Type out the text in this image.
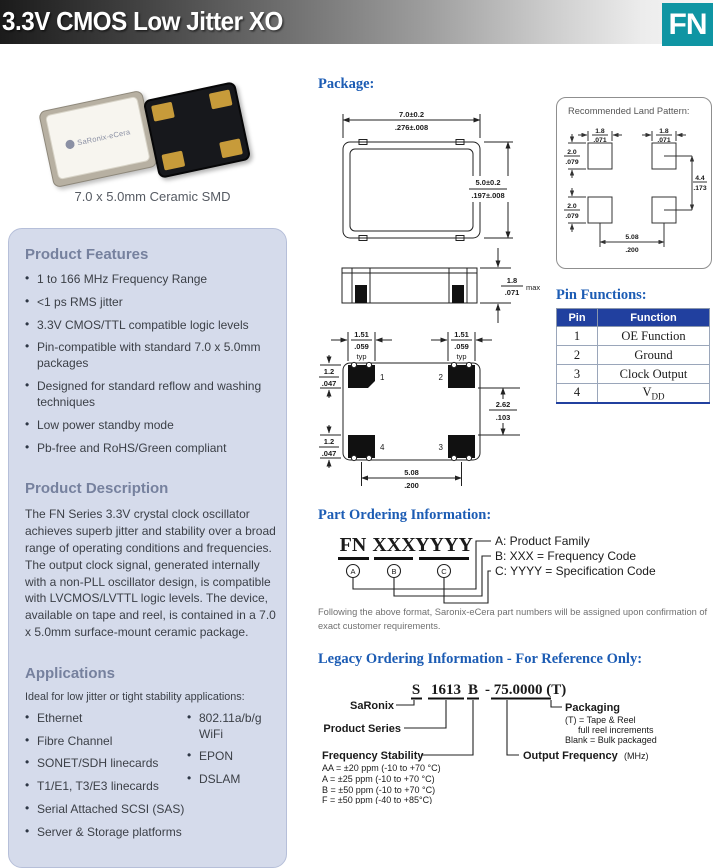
3.3V CMOS Low Jitter XO	FN
SaRonix-eCera
7.0 x 5.0mm Ceramic SMD
Product Features
• 1 to 166 MHz Frequency Range
• <1 ps RMS jitter
• 3.3V CMOS/TTL compatible logic levels
• Pin-compatible with standard 7.0 x 5.0mm packages
• Designed for standard reflow and washing techniques
• Low power standby mode
• Pb-free and RoHS/Green compliant
Product Description

The FN Series 3.3V crystal clock oscillator achieves superb jitter and stability over a broad range of operating conditions and frequencies. The output clock signal, generated internally with a non-PLL oscillator design, is compatible with LVCMOS/LVTTL logic levels. The device, available on tape and reel, is contained in a 7.0 x 5.0mm surface-mount ceramic package.

Applications

Ideal for low jitter or tight stability applications:

• Ethernet
• Fibre Channel
• SONET/SDH linecards
• T1/E1, T3/E3 linecards
• Serial Attached SCSI (SAS)
• Server & Storage platforms
• 802.11a/b/g WiFi
• EPON
• DSLAM
Package:
7.0±0.2
.276±.008
5.0±0.2
.197±.008
1.8
.071
max
1.51
.059
typ
1.51
.059
typ
1	2
4	3
1.2
.047
1.2
.047
2.62
.103
5.08
.200
Recommended Land Pattern:
1.8
.071
1.8
.071
2.0
.079
2.0
.079
4.4
.173
5.08
.200
Pin Functions:
Pin	Function
1	OE Function
2	Ground
3	Clock Output
4	$V_{DD}$
Part Ordering Information:
FN XXX YYYY
A	B	C
A: Product Family
B: XXX = Frequency Code
C: YYYY = Specification Code

Following the above format, Saronix-eCera part numbers will be assigned upon confirmation of exact customer requirements.

Legacy Ordering Information - For Reference Only:
S 1613 B - 75.0000 (T)
SaRonix
Product Series
Frequency Stability	Output Frequency
Packaging
(MHz)
AA = ±20 ppm (-10 to +70 °C)
A = ±25 ppm (-10 to +70 °C)
B = ±50 ppm (-10 to +70 °C)
F = ±50 ppm (-40 to +85°C)
(T) = Tape & Reel
full reel increments
Blank = Bulk packaged
